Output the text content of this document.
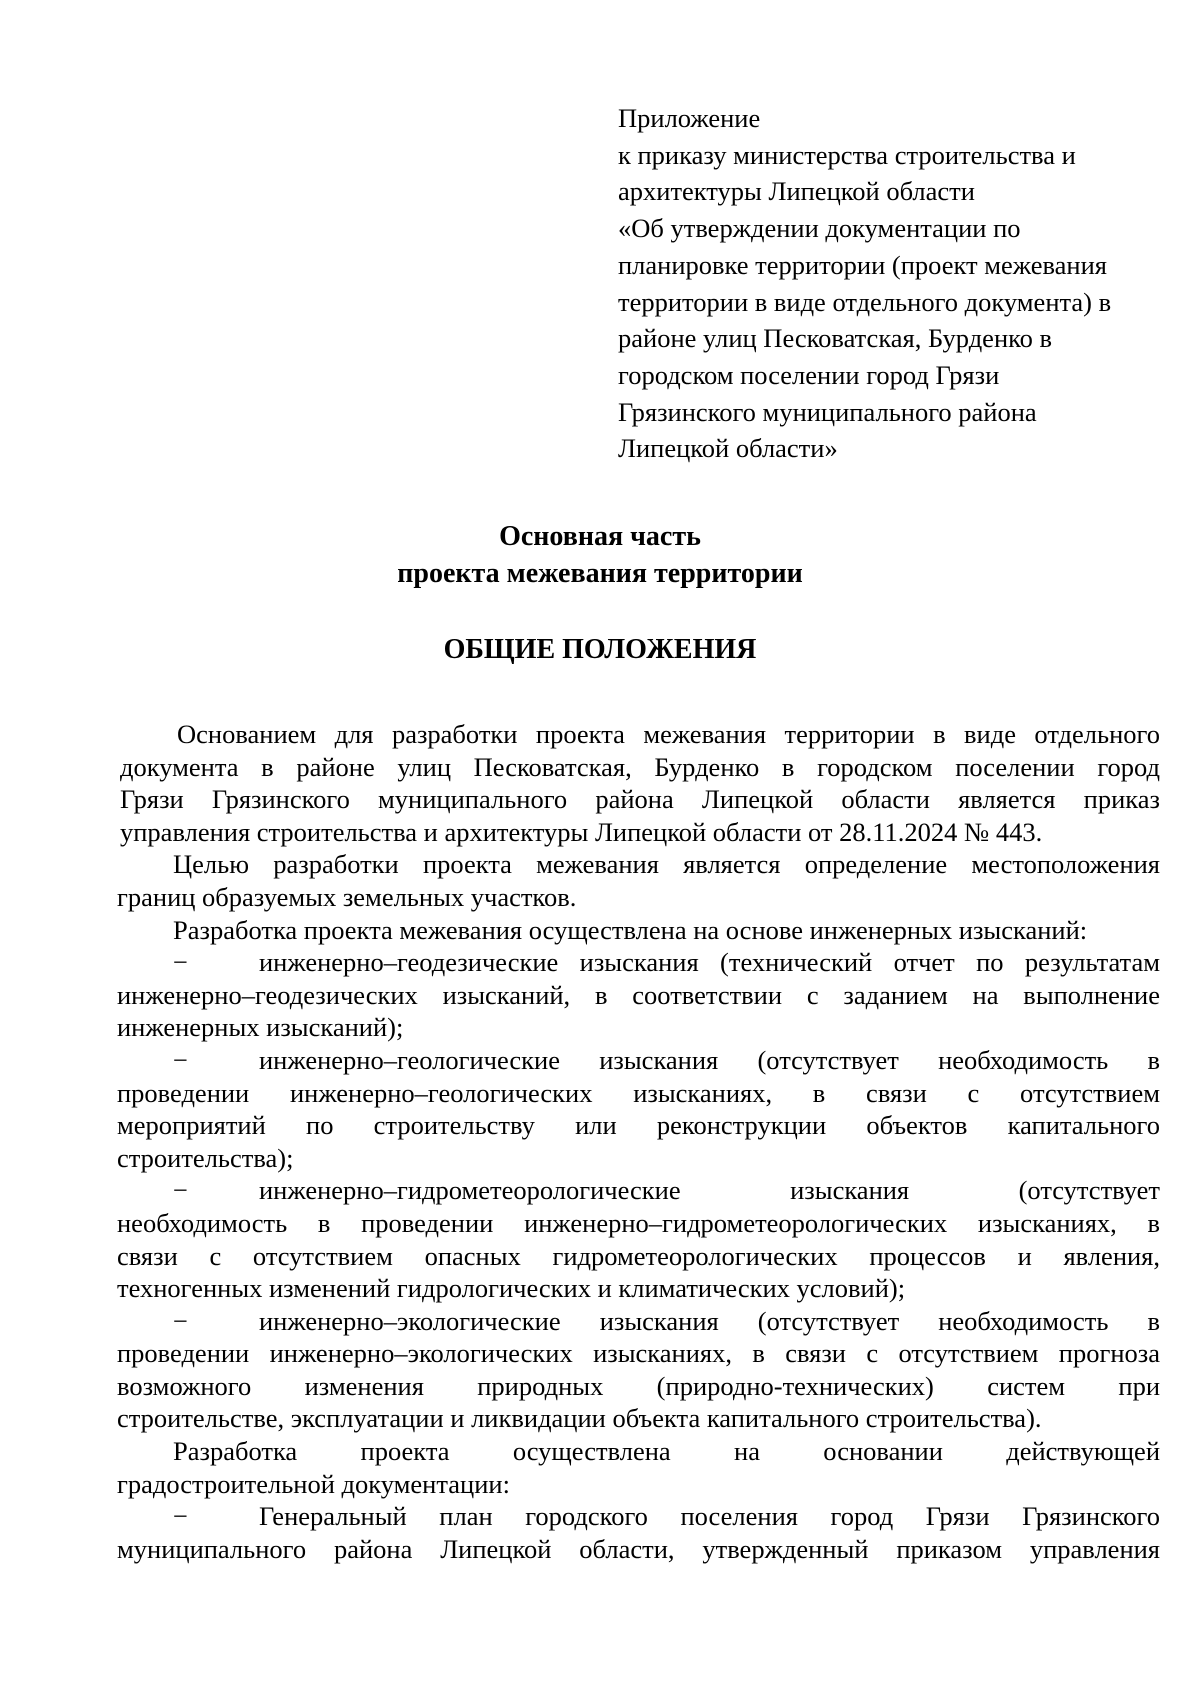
Приложение
к приказу министерства строительства и
архитектуры Липецкой области
«Об утверждении документации по
планировке территории (проект межевания
территории в виде отдельного документа) в
районе улиц Песковатская, Бурденко в
городском поселении город Грязи
Грязинского муниципального района
Липецкой области»
Основная часть
проекта межевания территории
ОБЩИЕ ПОЛОЖЕНИЯ
Основанием для разработки проекта межевания территории в виде отдельного
документа в районе улиц Песковатская, Бурденко в городском поселении город
Грязи Грязинского муниципального района Липецкой области является приказ
управления строительства и архитектуры Липецкой области от 28.11.2024 № 443.
Целью разработки проекта межевания является определение местоположения
границ образуемых земельных участков.
Разработка проекта межевания осуществлена на основе инженерных изысканий:
−	инженерно–геодезические изыскания (технический отчет по результатам
инженерно–геодезических изысканий, в соответствии с заданием на выполнение
инженерных изысканий);
−	инженерно–геологические изыскания (отсутствует необходимость в
проведении инженерно–геологических изысканиях, в связи с отсутствием
мероприятий по строительству или реконструкции объектов капитального
строительства);
−	инженерно–гидрометеорологические изыскания (отсутствует
необходимость в проведении инженерно–гидрометеорологических изысканиях, в
связи с отсутствием опасных гидрометеорологических процессов и явления,
техногенных изменений гидрологических и климатических условий);
−	инженерно–экологические изыскания (отсутствует необходимость в
проведении инженерно–экологических изысканиях, в связи с отсутствием прогноза
возможного изменения природных (природно-технических) систем при
строительстве, эксплуатации и ликвидации объекта капитального строительства).
Разработка проекта осуществлена на основании действующей
градостроительной документации:
−	Генеральный план городского поселения город Грязи Грязинского
муниципального района Липецкой области, утвержденный приказом управления
